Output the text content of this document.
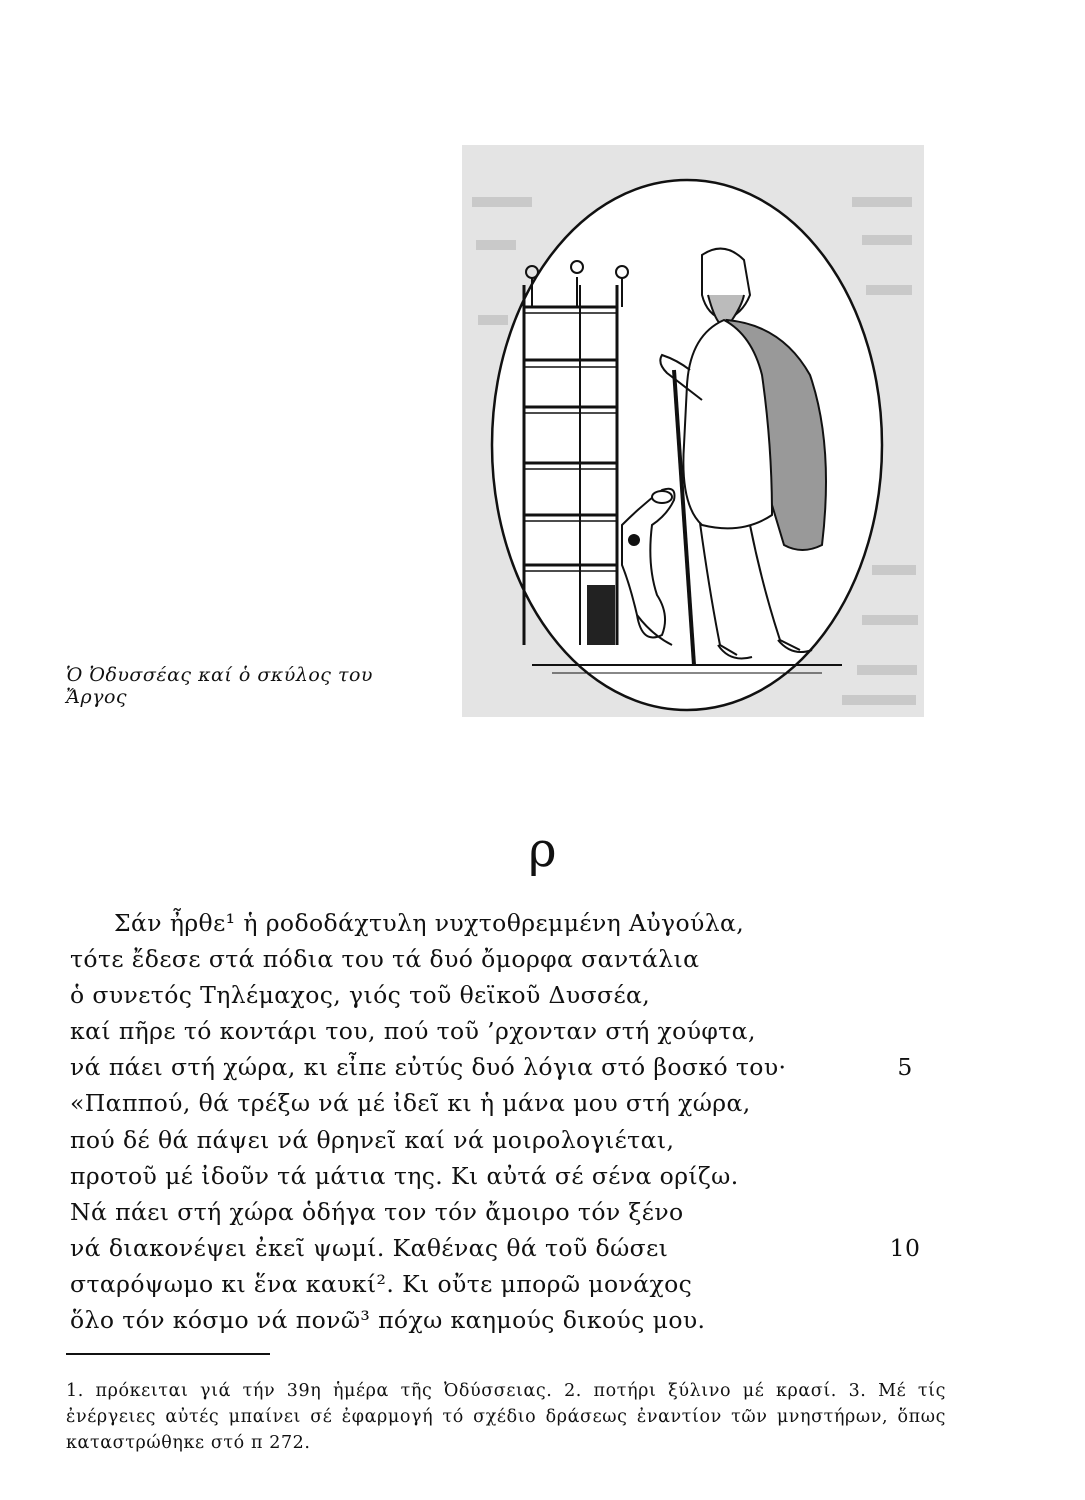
Ὁ Ὀδυσσέας καί ὁ σκύλος του
Ἄργος
ρ
Σάν ἦρθε¹ ἡ ροδοδάχτυλη νυχτοθρεμμένη Αὐγούλα,
τότε ἔδεσε στά πόδια του τά δυό ὄμορφα σαντάλια
ὁ συνετός Τηλέμαχος, γιός τοῦ θεϊκοῦ Δυσσέα,
καί πῆρε τό κοντάρι του, πού τοῦ ’ρχονταν στή χούφτα,
νά πάει στή χώρα, κι εἶπε εὐτύς δυό λόγια στό βοσκό του·	5
«Παππού, θά τρέξω νά μέ ἰδεῖ κι ἡ μάνα μου στή χώρα,
πού δέ θά πάψει νά θρηνεῖ καί νά μοιρολογιέται,
προτοῦ μέ ἰδοῦν τά μάτια της. Κι αὐτά σέ σένα ορίζω.
Νά πάει στή χώρα ὁδήγα τον τόν ἄμοιρο τόν ξένο
νά διακονέψει ἐκεῖ ψωμί. Καθένας θά τοῦ δώσει	10
σταρόψωμο κι ἕνα καυκί². Κι οὔτε μπορῶ μονάχος
ὅλο τόν κόσμο νά πονῶ³ πόχω καημούς δικούς μου.
1. πρόκειται γιά τήν 39η ἡμέρα τῆς Ὀδύσσειας. 2. ποτήρι ξύλινο μέ κρασί. 3. Μέ τίς ἐνέργειες αὐτές μπαίνει σέ ἐφαρμογή τό σχέδιο δράσεως ἐναντίον τῶν μνηστήρων, ὅπως καταστρώθηκε στό π 272.
